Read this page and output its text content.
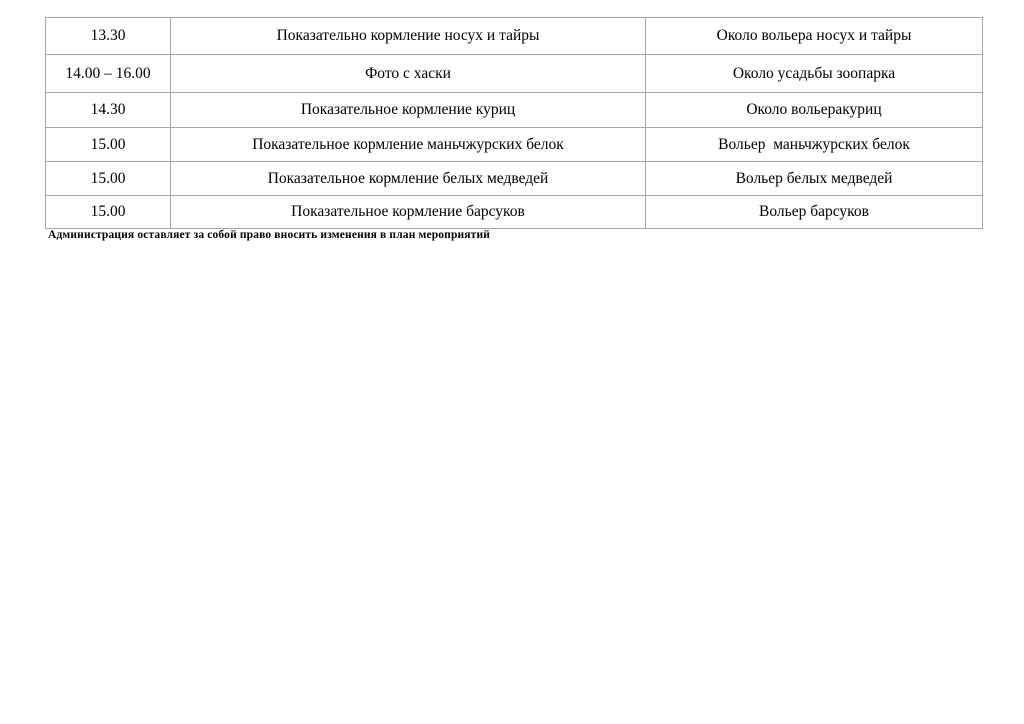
13.30	Показательно кормление носух и тайры	Около вольера носух и тайры
14.00 – 16.00	Фото с хаски	Около усадьбы зоопарка
14.30	Показательное кормление куриц	Около вольеракуриц
15.00	Показательное кормление маньчжурских белок	Вольер  маньчжурских белок
15.00	Показательное кормление белых медведей	Вольер белых медведей
15.00	Показательное кормление барсуков	Вольер барсуков
Администрация оставляет за собой право вносить изменения в план мероприятий
